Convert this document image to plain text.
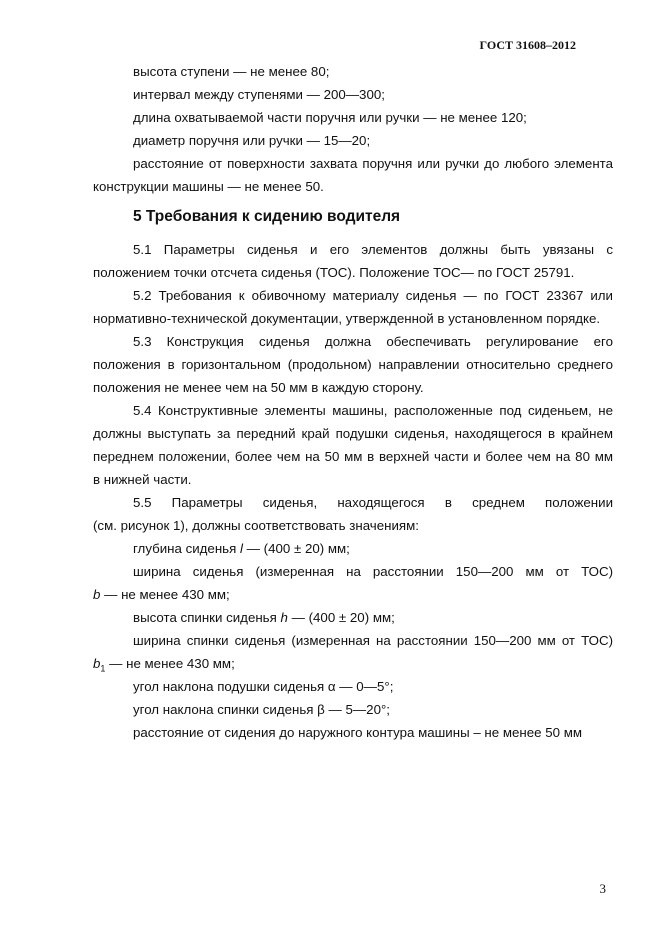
ГОСТ 31608–2012
высота ступени — не менее 80;
интервал между ступенями — 200—300;
длина охватываемой части поручня или ручки — не менее 120;
диаметр поручня или ручки — 15—20;
расстояние от поверхности захвата поручня или ручки до любого элемента
конструкции машины — не менее 50.
5 Требования к сидению водителя
5.1 Параметры сиденья и его элементов должны быть увязаны с
положением точки отсчета сиденья (ТОС). Положение ТОС— по ГОСТ 25791.
5.2 Требования к обивочному материалу сиденья — по ГОСТ 23367 или
нормативно-технической документации, утвержденной в установленном порядке.
5.3 Конструкция сиденья должна обеспечивать регулирование его
положения в горизонтальном (продольном) направлении относительно среднего
положения не менее чем на 50 мм в каждую сторону.
5.4 Конструктивные элементы машины, расположенные под сиденьем, не
должны выступать за передний край подушки сиденья, находящегося в крайнем
переднем положении, более чем на 50 мм в верхней части и более чем на 80 мм
в нижней части.
5.5 Параметры сиденья, находящегося в среднем положении
(см. рисунок 1), должны соответствовать значениям:
глубина сиденья l — (400 ± 20) мм;
ширина сиденья (измеренная на расстоянии 150—200 мм от ТОС)
b — не менее 430 мм;
высота спинки сиденья h — (400 ± 20) мм;
ширина спинки сиденья (измеренная на расстоянии 150—200 мм от ТОС)
$b_1$ — не менее 430 мм;
угол наклона подушки сиденья α — 0—5°;
угол наклона спинки сиденья β — 5—20°;
расстояние от сидения до наружного контура машины – не менее 50 мм
3
